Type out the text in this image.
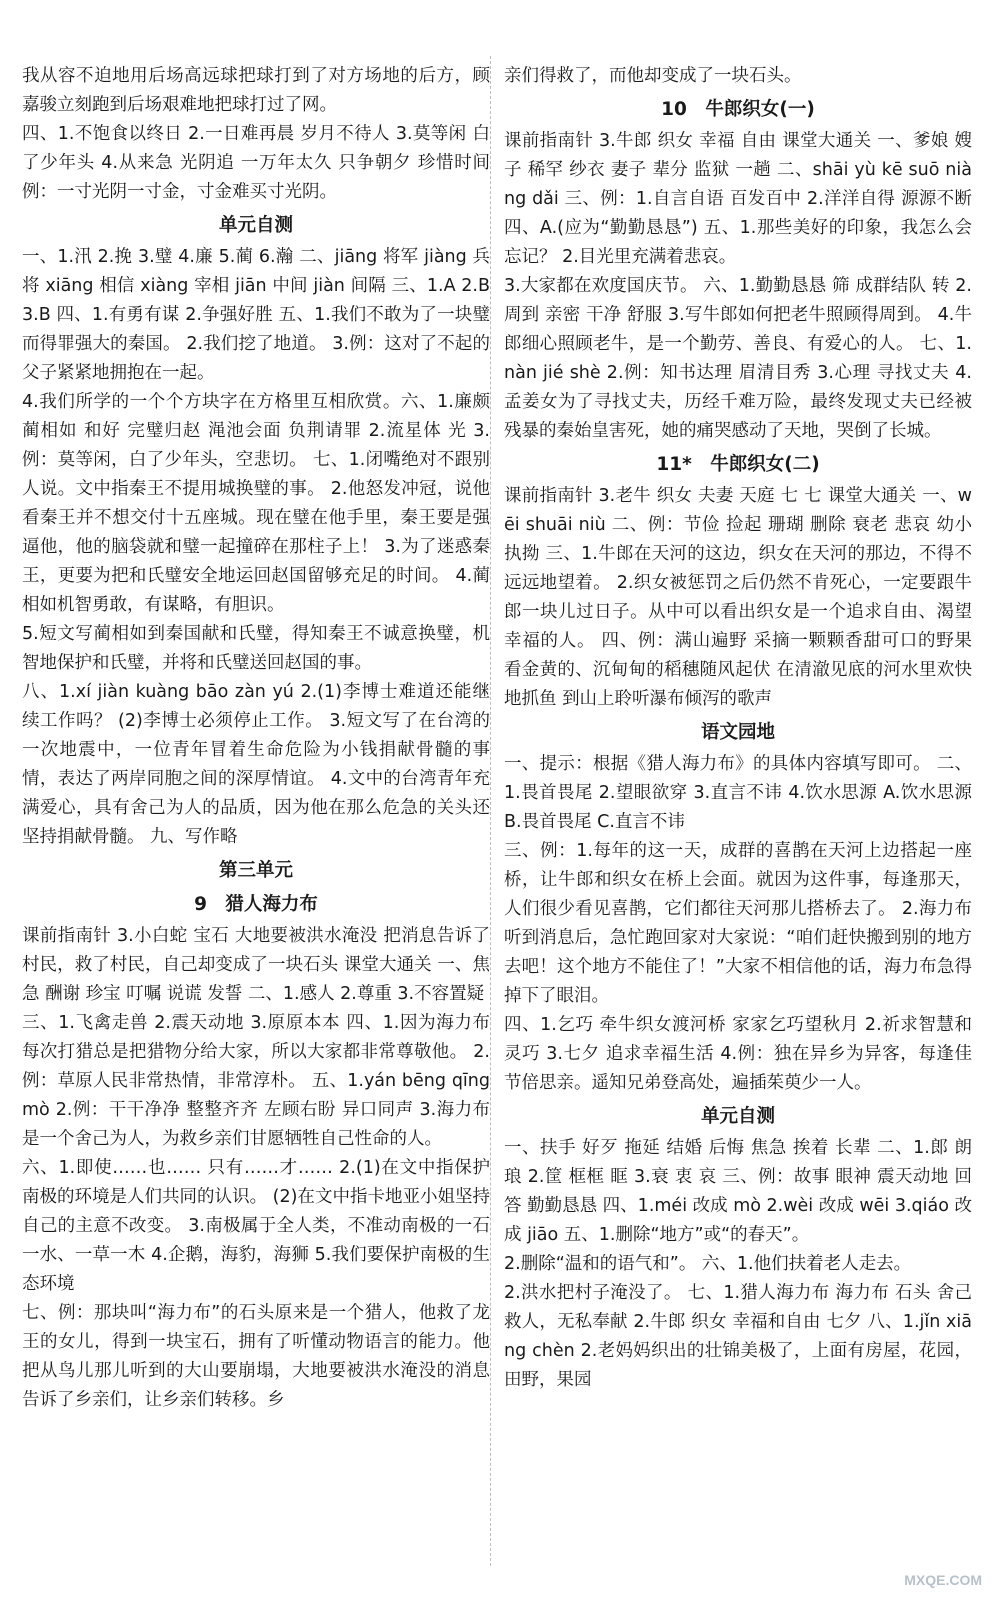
我从容不迫地用后场高远球把球打到了对方场地的后方，顾嘉骏立刻跑到后场艰难地把球打过了网。

四、1.不饱食以终日 2.一日难再晨 岁月不待人 3.莫等闲 白了少年头 4.从来急 光阴追 一万年太久 只争朝夕 珍惜时间 例：一寸光阴一寸金，寸金难买寸光阴。

单元自测

一、1.汛 2.挽 3.璧 4.廉 5.蔺 6.瀚 二、jiāng 将军 jiàng 兵将 xiāng 相信 xiàng 宰相 jiān 中间 jiàn 间隔 三、1.A 2.B 3.B 四、1.有勇有谋 2.争强好胜 五、1.我们不敢为了一块璧而得罪强大的秦国。 2.我们挖了地道。 3.例：这对了不起的父子紧紧地拥抱在一起。

4.我们所学的一个个方块字在方格里互相欣赏。六、1.廉颇 蔺相如 和好 完璧归赵 渑池会面 负荆请罪 2.流星体 光 3.例：莫等闲，白了少年头，空悲切。 七、1.闭嘴绝对不跟别人说。文中指秦王不提用城换璧的事。 2.他怒发冲冠，说他看秦王并不想交付十五座城。现在璧在他手里，秦王要是强逼他，他的脑袋就和璧一起撞碎在那柱子上！ 3.为了迷惑秦王，更要为把和氏璧安全地运回赵国留够充足的时间。 4.蔺相如机智勇敢，有谋略，有胆识。

5.短文写蔺相如到秦国献和氏璧，得知秦王不诚意换璧，机智地保护和氏璧，并将和氏璧送回赵国的事。

八、1.xí jiàn kuàng bāo zàn yú 2.(1)李博士难道还能继续工作吗？ (2)李博士必须停止工作。 3.短文写了在台湾的一次地震中，一位青年冒着生命危险为小钱捐献骨髓的事情，表达了两岸同胞之间的深厚情谊。 4.文中的台湾青年充满爱心，具有舍己为人的品质，因为他在那么危急的关头还坚持捐献骨髓。 九、写作略

第三单元
9　猎人海力布

课前指南针 3.小白蛇 宝石 大地要被洪水淹没 把消息告诉了村民，救了村民，自己却变成了一块石头 课堂大通关 一、焦急 酬谢 珍宝 叮嘱 说谎 发誓 二、1.感人 2.尊重 3.不容置疑

三、1.飞禽走兽 2.震天动地 3.原原本本 四、1.因为海力布每次打猎总是把猎物分给大家，所以大家都非常尊敬他。 2.例：草原人民非常热情，非常淳朴。 五、1.yán bēng qīng mò 2.例：干干净净 整整齐齐 左顾右盼 异口同声 3.海力布是一个舍己为人，为救乡亲们甘愿牺牲自己性命的人。

六、1.即使……也…… 只有……才…… 2.(1)在文中指保护南极的环境是人们共同的认识。 (2)在文中指卡地亚小姐坚持自己的主意不改变。 3.南极属于全人类，不准动南极的一石一水、一草一木 4.企鹅，海豹，海狮 5.我们要保护南极的生态环境

七、例：那块叫“海力布”的石头原来是一个猎人，他救了龙王的女儿，得到一块宝石，拥有了听懂动物语言的能力。他把从鸟儿那儿听到的大山要崩塌，大地要被洪水淹没的消息告诉了乡亲们，让乡亲们转移。乡

亲们得救了，而他却变成了一块石头。

10　牛郎织女(一)

课前指南针 3.牛郎 织女 幸福 自由 课堂大通关 一、爹娘 嫂子 稀罕 纱衣 妻子 辈分 监狱 一趟 二、shāi yù kē suō niàng dǎi 三、例：1.自言自语 百发百中 2.洋洋自得 源源不断 四、A.(应为“勤勤恳恳”) 五、1.那些美好的印象，我怎么会忘记？ 2.目光里充满着悲哀。

3.大家都在欢度国庆节。 六、1.勤勤恳恳 筛 成群结队 转 2.周到 亲密 干净 舒服 3.写牛郎如何把老牛照顾得周到。 4.牛郎细心照顾老牛，是一个勤劳、善良、有爱心的人。 七、1.nàn jié shè 2.例：知书达理 眉清目秀 3.心理 寻找丈夫 4.孟姜女为了寻找丈夫，历经千难万险，最终发现丈夫已经被残暴的秦始皇害死，她的痛哭感动了天地，哭倒了长城。

11*　牛郎织女(二)

课前指南针 3.老牛 织女 夫妻 天庭 七 七 课堂大通关 一、wēi shuāi niù 二、例：节俭 捡起 珊瑚 删除 衰老 悲哀 幼小 执拗 三、1.牛郎在天河的这边，织女在天河的那边，不得不远远地望着。 2.织女被惩罚之后仍然不肯死心，一定要跟牛郎一块儿过日子。从中可以看出织女是一个追求自由、渴望幸福的人。 四、例：满山遍野 采摘一颗颗香甜可口的野果 看金黄的、沉甸甸的稻穗随风起伏 在清澈见底的河水里欢快地抓鱼 到山上聆听瀑布倾泻的歌声

语文园地

一、提示：根据《猎人海力布》的具体内容填写即可。 二、1.畏首畏尾 2.望眼欲穿 3.直言不讳 4.饮水思源 A.饮水思源 B.畏首畏尾 C.直言不讳

三、例：1.每年的这一天，成群的喜鹊在天河上边搭起一座桥，让牛郎和织女在桥上会面。就因为这件事，每逢那天，人们很少看见喜鹊，它们都往天河那儿搭桥去了。 2.海力布听到消息后，急忙跑回家对大家说：“咱们赶快搬到别的地方去吧！这个地方不能住了！”大家不相信他的话，海力布急得掉下了眼泪。

四、1.乞巧 牵牛织女渡河桥 家家乞巧望秋月 2.祈求智慧和灵巧 3.七夕 追求幸福生活 4.例：独在异乡为异客，每逢佳节倍思亲。遥知兄弟登高处，遍插茱萸少一人。

单元自测

一、扶手 好歹 拖延 结婚 后悔 焦急 挨着 长辈 二、1.郎 朗 琅 2.筐 框框 眶 3.衰 衷 哀 三、例：故事 眼神 震天动地 回答 勤勤恳恳 四、1.méi 改成 mò 2.wèi 改成 wēi 3.qiáo 改成 jiāo 五、1.删除“地方”或“的春天”。

2.删除“温和的语气和”。 六、1.他们扶着老人走去。

2.洪水把村子淹没了。 七、1.猎人海力布 海力布 石头 舍己救人，无私奉献 2.牛郎 织女 幸福和自由 七夕 八、1.jǐn xiāng chèn 2.老妈妈织出的壮锦美极了，上面有房屋，花园，田野，果园

MXQE.COM
